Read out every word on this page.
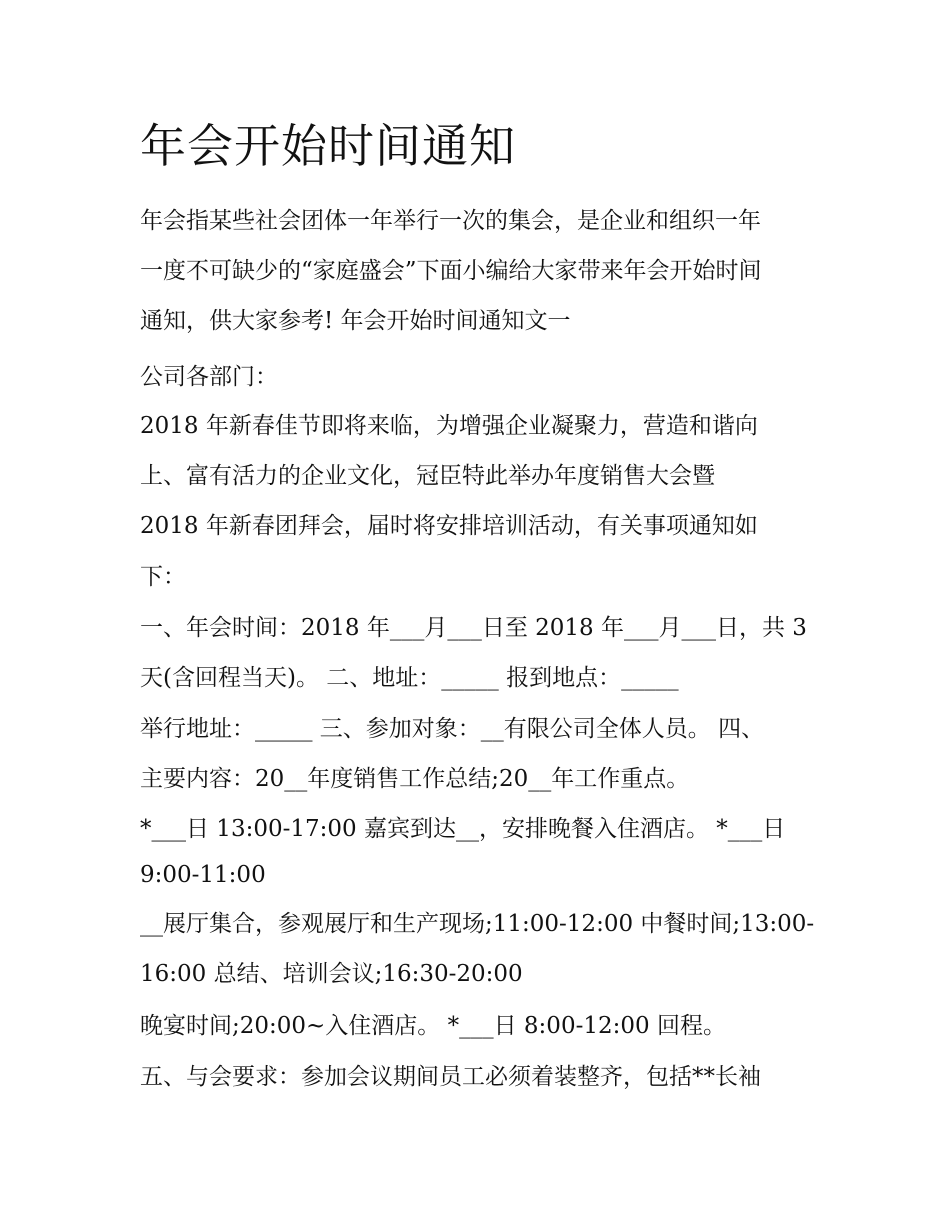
年会开始时间通知
年会指某些社会团体一年举行一次的集会，是企业和组织一年
一度不可缺少的“家庭盛会”下面小编给大家带来年会开始时间
通知，供大家参考! 年会开始时间通知文一
公司各部门：
2018 年新春佳节即将来临，为增强企业凝聚力，营造和谐向
上、富有活力的企业文化，冠臣特此举办年度销售大会暨
2018 年新春团拜会，届时将安排培训活动，有关事项通知如
下：
一、年会时间：2018 年___月___日至 2018 年___月___日，共 3
天(含回程当天)。 二、地址：_____ 报到地点：_____
举行地址：_____ 三、参加对象：__有限公司全体人员。 四、
主要内容：20__年度销售工作总结;20__年工作重点。
*___日 13:00-17:00 嘉宾到达__，安排晚餐入住酒店。 *___日
9:00-11:00
__展厅集合，参观展厅和生产现场;11:00-12:00 中餐时间;13:00-
16:00 总结、培训会议;16:30-20:00
晚宴时间;20:00~入住酒店。 *___日 8:00-12:00 回程。
五、与会要求：参加会议期间员工必须着装整齐，包括**长袖
